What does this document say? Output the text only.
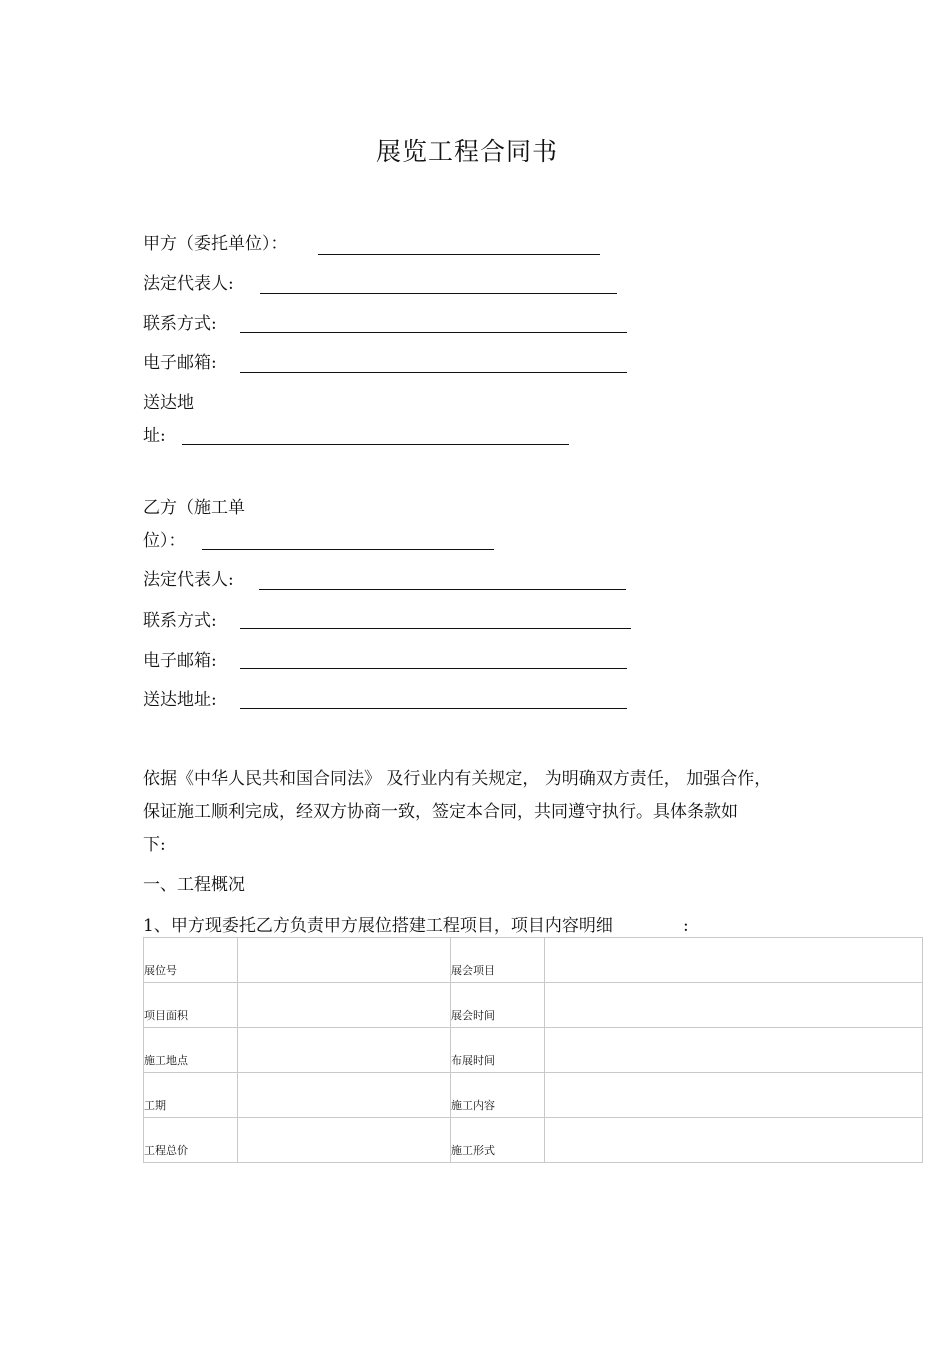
展览工程合同书
甲方（委托单位）：
法定代表人:
联系方式:
电子邮箱:
送达地
址:
乙方（施工单
位）：
法定代表人:
联系方式:
电子邮箱:
送达地址:
依据《中华人民共和国合同法》 及行业内有关规定， 为明确双方责任， 加强合作，
保证施工顺利完成，经双方协商一致，签定本合同，共同遵守执行。具体条款如
下:
一、工程概况
1、甲方现委托乙方负责甲方展位搭建工程项目，项目内容明细	:
展位号		展会项目	
项目面积		展会时间	
施工地点		布展时间	
工期		施工内容	
工程总价		施工形式	
